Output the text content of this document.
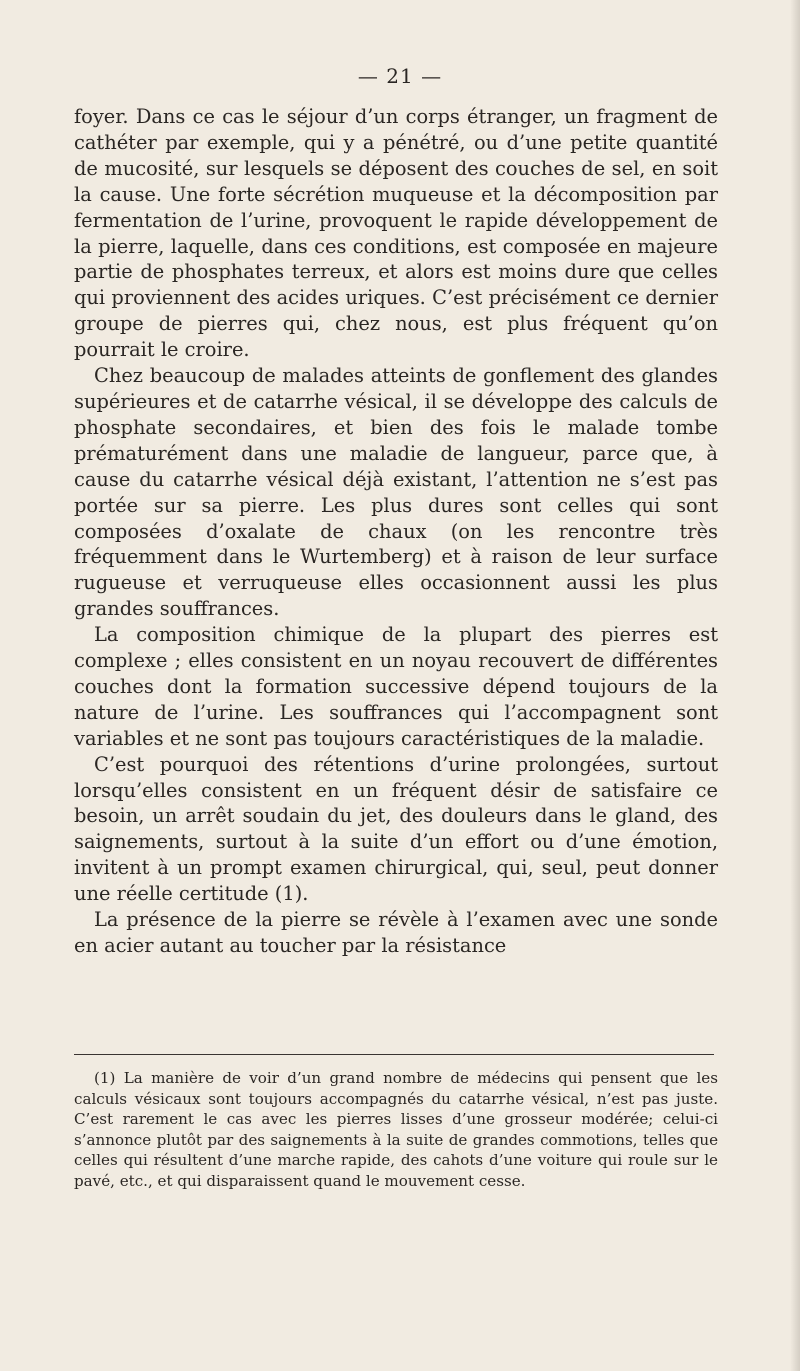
— 21 —

foyer. Dans ce cas le séjour d’un corps étranger, un fragment de cathéter par exemple, qui y a pénétré, ou d’une petite quantité de mucosité, sur lesquels se déposent des couches de sel, en soit la cause. Une forte sécrétion muqueuse et la décomposition par fermentation de l’urine, provoquent le rapide développement de la pierre, laquelle, dans ces conditions, est composée en majeure partie de phosphates terreux, et alors est moins dure que celles qui proviennent des acides uriques. C’est précisément ce dernier groupe de pierres qui, chez nous, est plus fréquent qu’on pourrait le croire.

Chez beaucoup de malades atteints de gonflement des glandes supérieures et de catarrhe vésical, il se développe des calculs de phosphate secondaires, et bien des fois le malade tombe prématurément dans une maladie de langueur, parce que, à cause du catarrhe vésical déjà existant, l’attention ne s’est pas portée sur sa pierre. Les plus dures sont celles qui sont composées d’oxalate de chaux (on les rencontre très fréquemment dans le Wurtemberg) et à raison de leur surface rugueuse et verruqueuse elles occasionnent aussi les plus grandes souffrances.

La composition chimique de la plupart des pierres est complexe ; elles consistent en un noyau recouvert de différentes couches dont la formation successive dépend toujours de la nature de l’urine. Les souffrances qui l’accompagnent sont variables et ne sont pas toujours caractéristiques de la maladie.

C’est pourquoi des rétentions d’urine prolongées, surtout lorsqu’elles consistent en un fréquent désir de satisfaire ce besoin, un arrêt soudain du jet, des douleurs dans le gland, des saignements, surtout à la suite d’un effort ou d’une émotion, invitent à un prompt examen chirurgical, qui, seul, peut donner une réelle certitude (1).

La présence de la pierre se révèle à l’examen avec une sonde en acier autant au toucher par la résistance

(1) La manière de voir d’un grand nombre de médecins qui pensent que les calculs vésicaux sont toujours accompagnés du catarrhe vésical, n’est pas juste. C’est rarement le cas avec les pierres lisses d’une grosseur modérée; celui-ci s’annonce plutôt par des saignements à la suite de grandes commotions, telles que celles qui résultent d’une marche rapide, des cahots d’une voiture qui roule sur le pavé, etc., et qui disparaissent quand le mouvement cesse.
